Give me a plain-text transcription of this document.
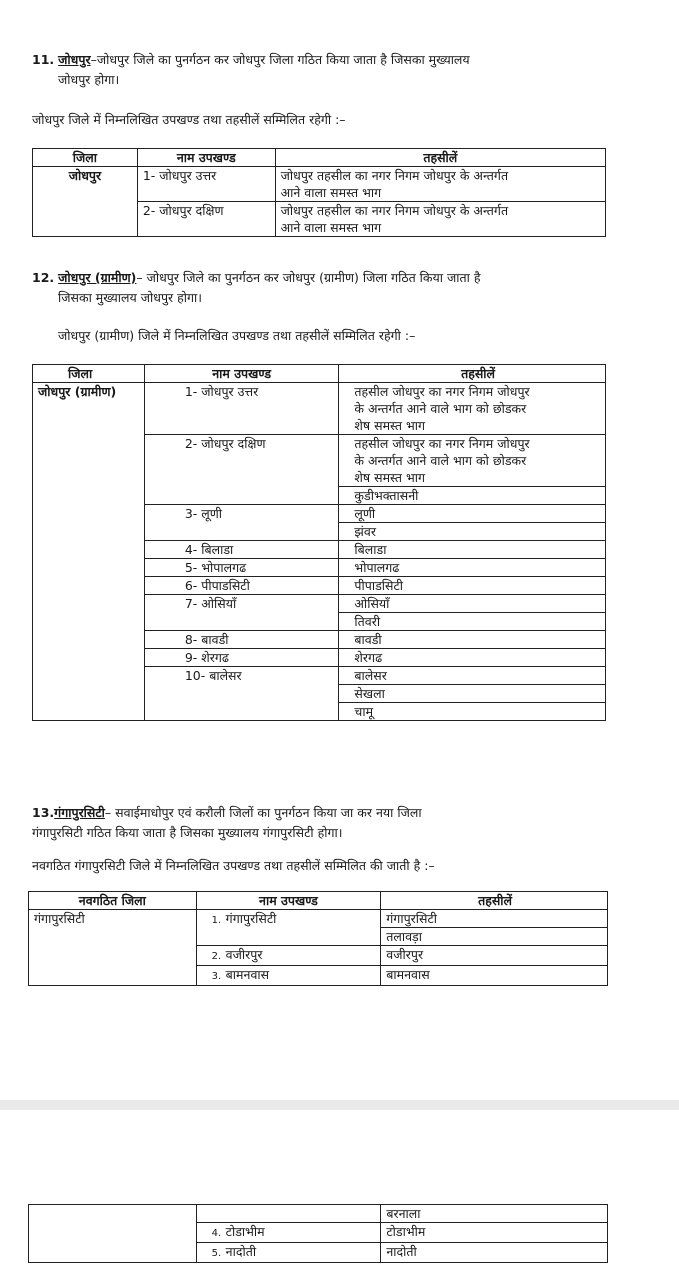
11. जोधपुर–जोधपुर जिले का पुनर्गठन कर जोधपुर जिला गठित किया जाता है जिसका मुख्यालय
जोधपुर होगा।
जोधपुर जिले में निम्नलिखित उपखण्ड तथा तहसीलें सम्मिलित रहेगी :–
जिला	नाम उपखण्ड	तहसीलें
जोधपुर	1- जोधपुर उत्तर	जोधपुर तहसील का नगर निगम जोधपुर के अन्तर्गत
आने वाला समस्त भाग

	2- जोधपुर दक्षिण	जोधपुर तहसील का नगर निगम जोधपुर के अन्तर्गत
आने वाला समस्त भाग
12. जोधपुर (ग्रामीण)– जोधपुर जिले का पुनर्गठन कर जोधपुर (ग्रामीण) जिला गठित किया जाता है
जिसका मुख्यालय जोधपुर होगा।
जोधपुर (ग्रामीण) जिले में निम्नलिखित उपखण्ड तथा तहसीलें सम्मिलित रहेगी :–
जिला	नाम उपखण्ड	तहसीलें
जोधपुर (ग्रामीण)	1- जोधपुर उत्तर	तहसील जोधपुर का नगर निगम जोधपुर
		के अन्तर्गत आने वाले भाग को छोडकर
		शेष समस्त भाग
	2- जोधपुर दक्षिण	तहसील जोधपुर का नगर निगम जोधपुर
		के अन्तर्गत आने वाले भाग को छोडकर
		शेष समस्त भाग
		कुडीभक्तासनी
	3- लूणी	लूणी
		झंवर
	4- बिलाडा	बिलाडा
	5- भोपालगढ	भोपालगढ
	6- पीपाडसिटी	पीपाडसिटी
	7- ओसियॉं	ओसियॉं
		तिवरी
	8- बावडी	बावडी
	9- शेरगढ	शेरगढ
	10- बालेसर	बालेसर
		सेखला
		चामू
13.गंगापुरसिटी– सवाईमाधोपुर एवं करौली जिलों का पुनर्गठन किया जा कर नया जिला
गंगापुरसिटी गठित किया जाता है जिसका मुख्यालय गंगापुरसिटी होगा।
नवगठित गंगापुरसिटी जिले में निम्नलिखित उपखण्ड तथा तहसीलें सम्मिलित की जाती है :–
नवगठित जिला	नाम उपखण्ड	तहसीलें
गंगापुरसिटी	1. गंगापुरसिटी	गंगापुरसिटी
		तलावड़ा
	2. वजीरपुर	वजीरपुर
	3. बामनवास	बामनवास
		बरनाला
	4. टोडाभीम	टोडाभीम
	5. नादोती	नादोती
